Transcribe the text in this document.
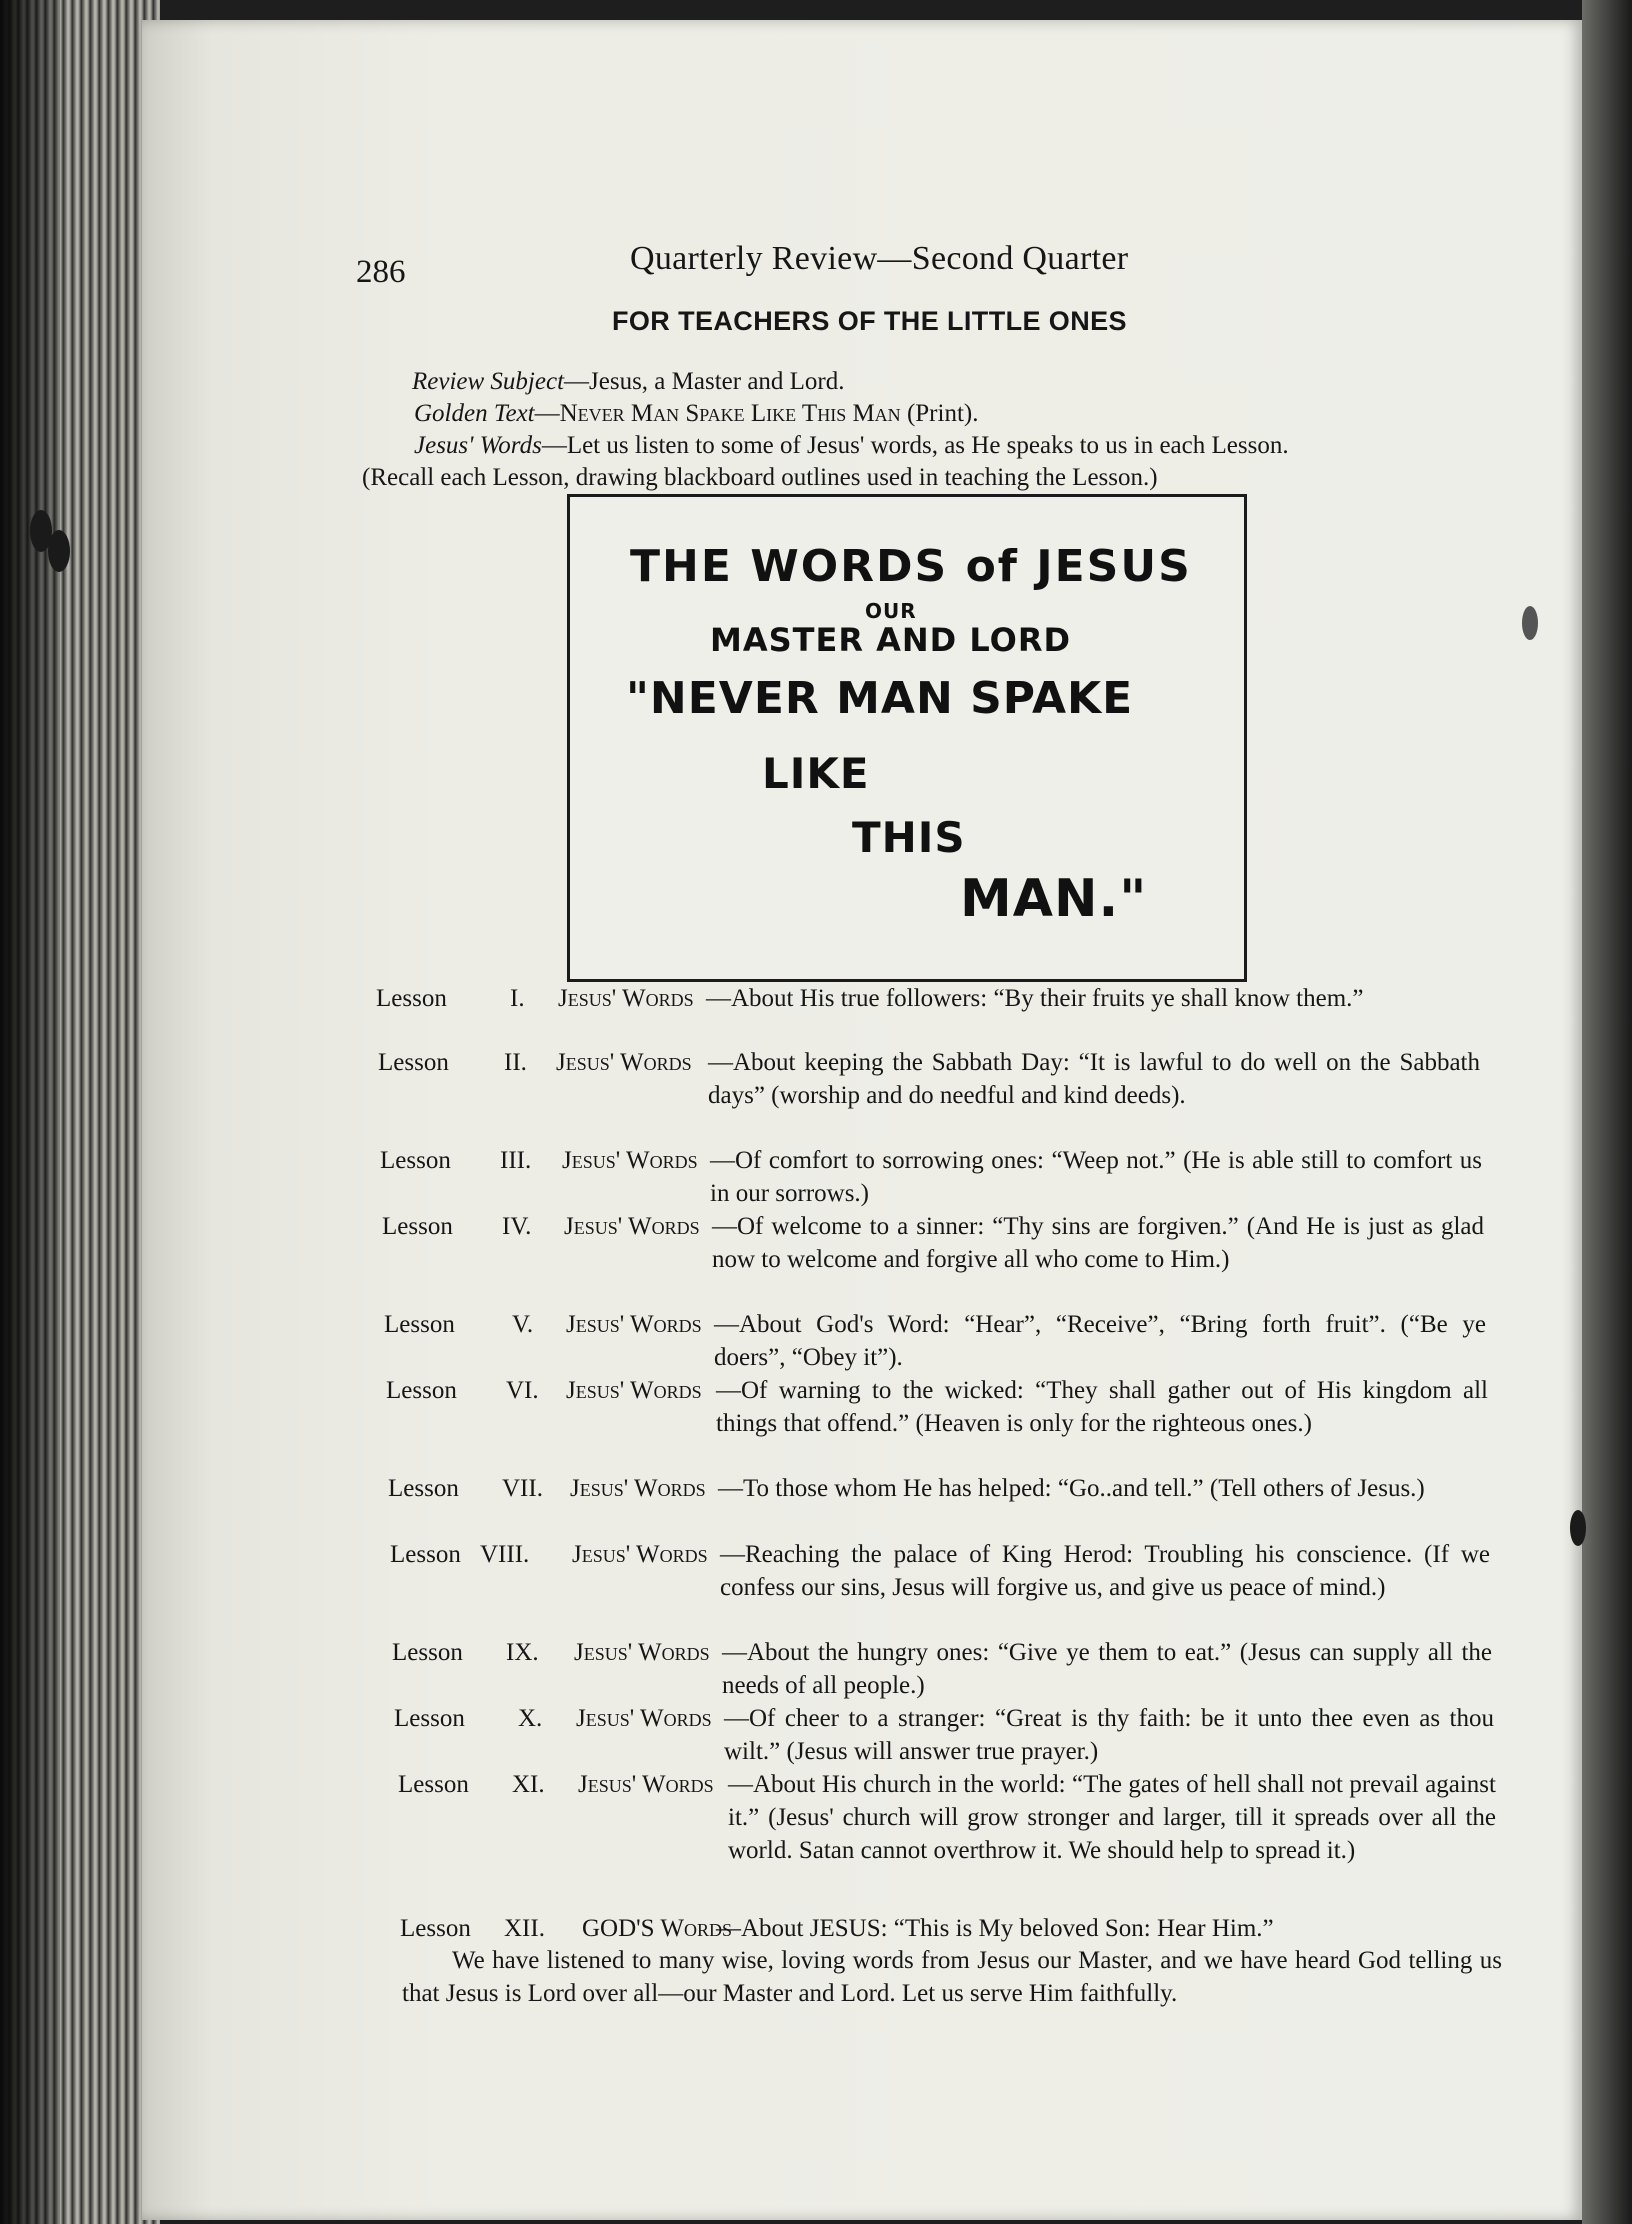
286	Quarterly Review—Second Quarter
FOR TEACHERS OF THE LITTLE ONES
Review Subject—Jesus, a Master and Lord.
Golden Text—Never Man Spake Like This Man (Print).
Jesus' Words—Let us listen to some of Jesus' words, as He speaks to us in each Lesson.
(Recall each Lesson, drawing blackboard outlines used in teaching the Lesson.)
THE WORDS of JESUS
OUR
MASTER AND LORD
"NEVER MAN SPAKE
LIKE
THIS
MAN."
Lesson	I. Jesus' Words —About His true followers: “By their fruits ye shall know them.”
Lesson II. Jesus' Words —About keeping the Sabbath Day: “It is lawful to do well on the Sabbath days” (worship and do needful and kind deeds).
Lesson III. Jesus' Words —Of comfort to sorrowing ones: “Weep not.” (He is able still to comfort us in our sorrows.)
Lesson IV. Jesus' Words —Of welcome to a sinner: “Thy sins are forgiven.” (And He is just as glad now to welcome and forgive all who come to Him.)
Lesson V. Jesus' Words —About God's Word: “Hear”, “Receive”, “Bring forth fruit”. (“Be ye doers”, “Obey it”).
Lesson VI. Jesus' Words —Of warning to the wicked: “They shall gather out of His kingdom all things that offend.” (Heaven is only for the righteous ones.)
Lesson VII. Jesus' Words —To those whom He has helped: “Go..and tell.” (Tell others of Jesus.)
Lesson VIII. Jesus' Words —Reaching the palace of King Herod: Troubling his conscience. (If we confess our sins, Jesus will forgive us, and give us peace of mind.)
Lesson IX. Jesus' Words —About the hungry ones: “Give ye them to eat.” (Jesus can supply all the needs of all people.)
Lesson X. Jesus' Words —Of cheer to a stranger: “Great is thy faith: be it unto thee even as thou wilt.” (Jesus will answer true prayer.)
Lesson XI. Jesus' Words —About His church in the world: “The gates of hell shall not prevail against it.” (Jesus' church will grow stronger and larger, till it spreads over all the world. Satan cannot overthrow it. We should help to spread it.)
Lesson XII. GOD'S Words
—About JESUS: “This is My beloved Son: Hear Him.”
We have listened to many wise, loving words from Jesus our Master, and we have heard God telling us that Jesus is Lord over all—our Master and Lord. Let us serve Him faithfully.
